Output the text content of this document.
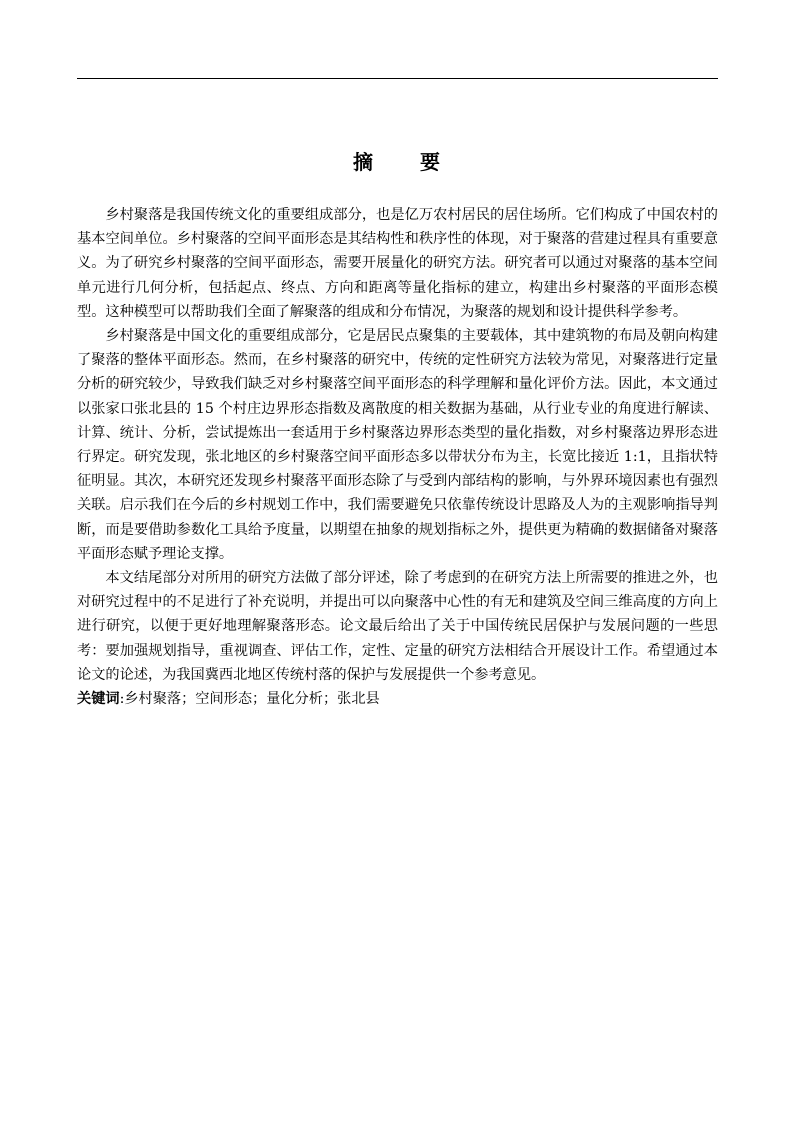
摘 要

乡村聚落是我国传统文化的重要组成部分，也是亿万农村居民的居住场所。它们构成了中国农村的基本空间单位。乡村聚落的空间平面形态是其结构性和秩序性的体现，对于聚落的营建过程具有重要意义。为了研究乡村聚落的空间平面形态，需要开展量化的研究方法。研究者可以通过对聚落的基本空间单元进行几何分析，包括起点、终点、方向和距离等量化指标的建立，构建出乡村聚落的平面形态模型。这种模型可以帮助我们全面了解聚落的组成和分布情况，为聚落的规划和设计提供科学参考。

乡村聚落是中国文化的重要组成部分，它是居民点聚集的主要载体，其中建筑物的布局及朝向构建了聚落的整体平面形态。然而，在乡村聚落的研究中，传统的定性研究方法较为常见，对聚落进行定量分析的研究较少，导致我们缺乏对乡村聚落空间平面形态的科学理解和量化评价方法。因此，本文通过以张家口张北县的 15 个村庄边界形态指数及离散度的相关数据为基础，从行业专业的角度进行解读、计算、统计、分析，尝试提炼出一套适用于乡村聚落边界形态类型的量化指数，对乡村聚落边界形态进行界定。研究发现，张北地区的乡村聚落空间平面形态多以带状分布为主，长宽比接近 1:1，且指状特征明显。其次，本研究还发现乡村聚落平面形态除了与受到内部结构的影响，与外界环境因素也有强烈关联。启示我们在今后的乡村规划工作中，我们需要避免只依靠传统设计思路及人为的主观影响指导判断，而是要借助参数化工具给予度量，以期望在抽象的规划指标之外，提供更为精确的数据储备对聚落平面形态赋予理论支撑。

本文结尾部分对所用的研究方法做了部分评述，除了考虑到的在研究方法上所需要的推进之外，也对研究过程中的不足进行了补充说明，并提出可以向聚落中心性的有无和建筑及空间三维高度的方向上进行研究，以便于更好地理解聚落形态。论文最后给出了关于中国传统民居保护与发展问题的一些思考：要加强规划指导，重视调查、评估工作，定性、定量的研究方法相结合开展设计工作。希望通过本论文的论述，为我国冀西北地区传统村落的保护与发展提供一个参考意见。

关键词:乡村聚落；空间形态；量化分析；张北县
